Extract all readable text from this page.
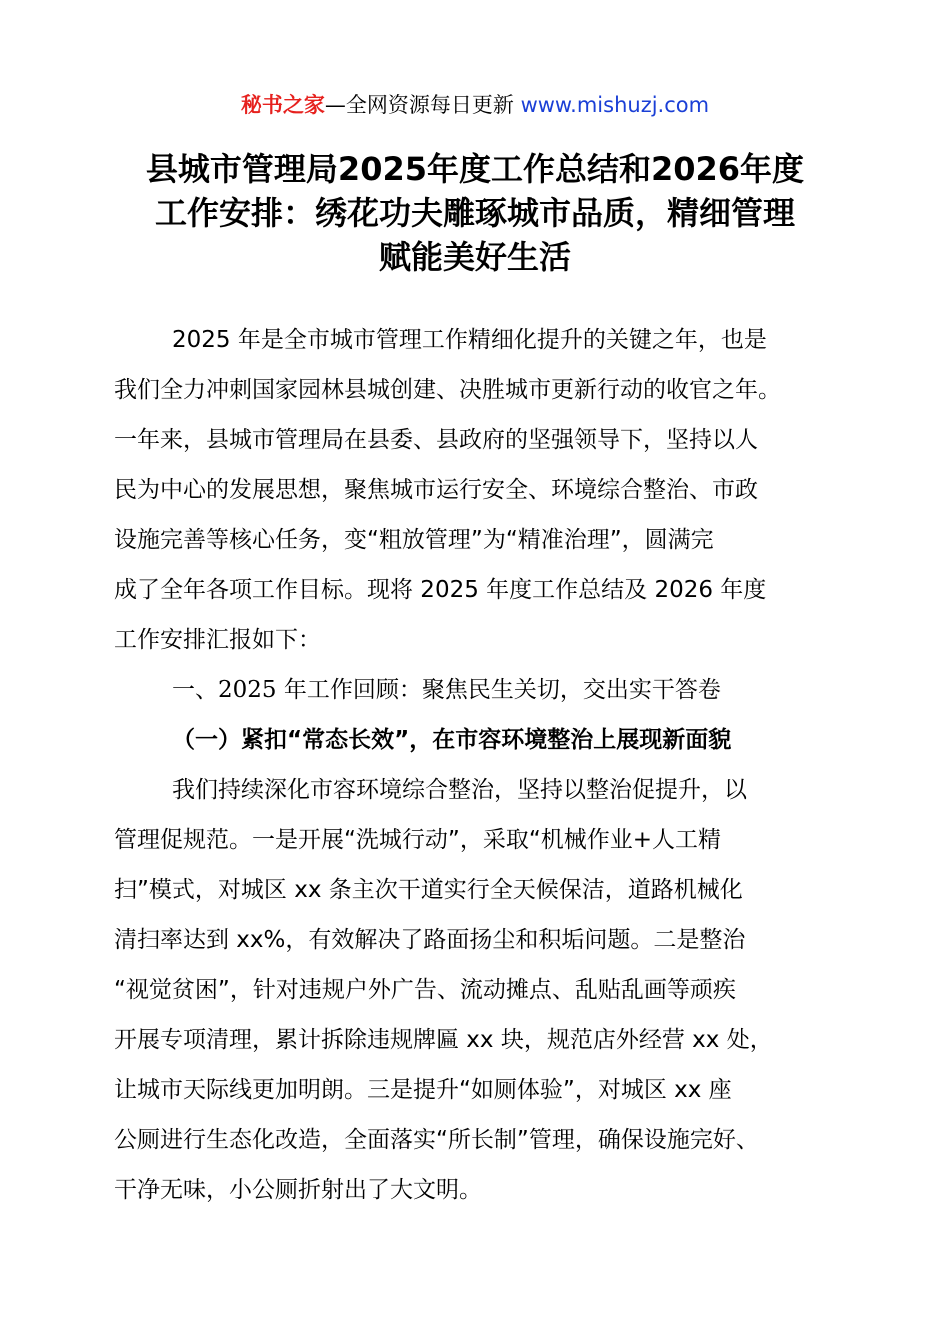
秘书之家—全网资源每日更新 www.mishuzj.com
县城市管理局2025年度工作总结和2026年度
工作安排：绣花功夫雕琢城市品质，精细管理
赋能美好生活
2025 年是全市城市管理工作精细化提升的关键之年，也是
我们全力冲刺国家园林县城创建、决胜城市更新行动的收官之年。
一年来，县城市管理局在县委、县政府的坚强领导下，坚持以人
民为中心的发展思想，聚焦城市运行安全、环境综合整治、市政
设施完善等核心任务，变“粗放管理”为“精准治理”，圆满完
成了全年各项工作目标。现将 2025 年度工作总结及 2026 年度
工作安排汇报如下：
一、2025 年工作回顾：聚焦民生关切，交出实干答卷
（一）紧扣“常态长效”，在市容环境整治上展现新面貌
我们持续深化市容环境综合整治，坚持以整治促提升，以
管理促规范。一是开展“洗城行动”，采取“机械作业+人工精
扫”模式，对城区 xx 条主次干道实行全天候保洁，道路机械化
清扫率达到 xx%，有效解决了路面扬尘和积垢问题。二是整治
“视觉贫困”，针对违规户外广告、流动摊点、乱贴乱画等顽疾
开展专项清理，累计拆除违规牌匾 xx 块，规范店外经营 xx 处，
让城市天际线更加明朗。三是提升“如厕体验”，对城区 xx 座
公厕进行生态化改造，全面落实“所长制”管理，确保设施完好、
干净无味，小公厕折射出了大文明。
